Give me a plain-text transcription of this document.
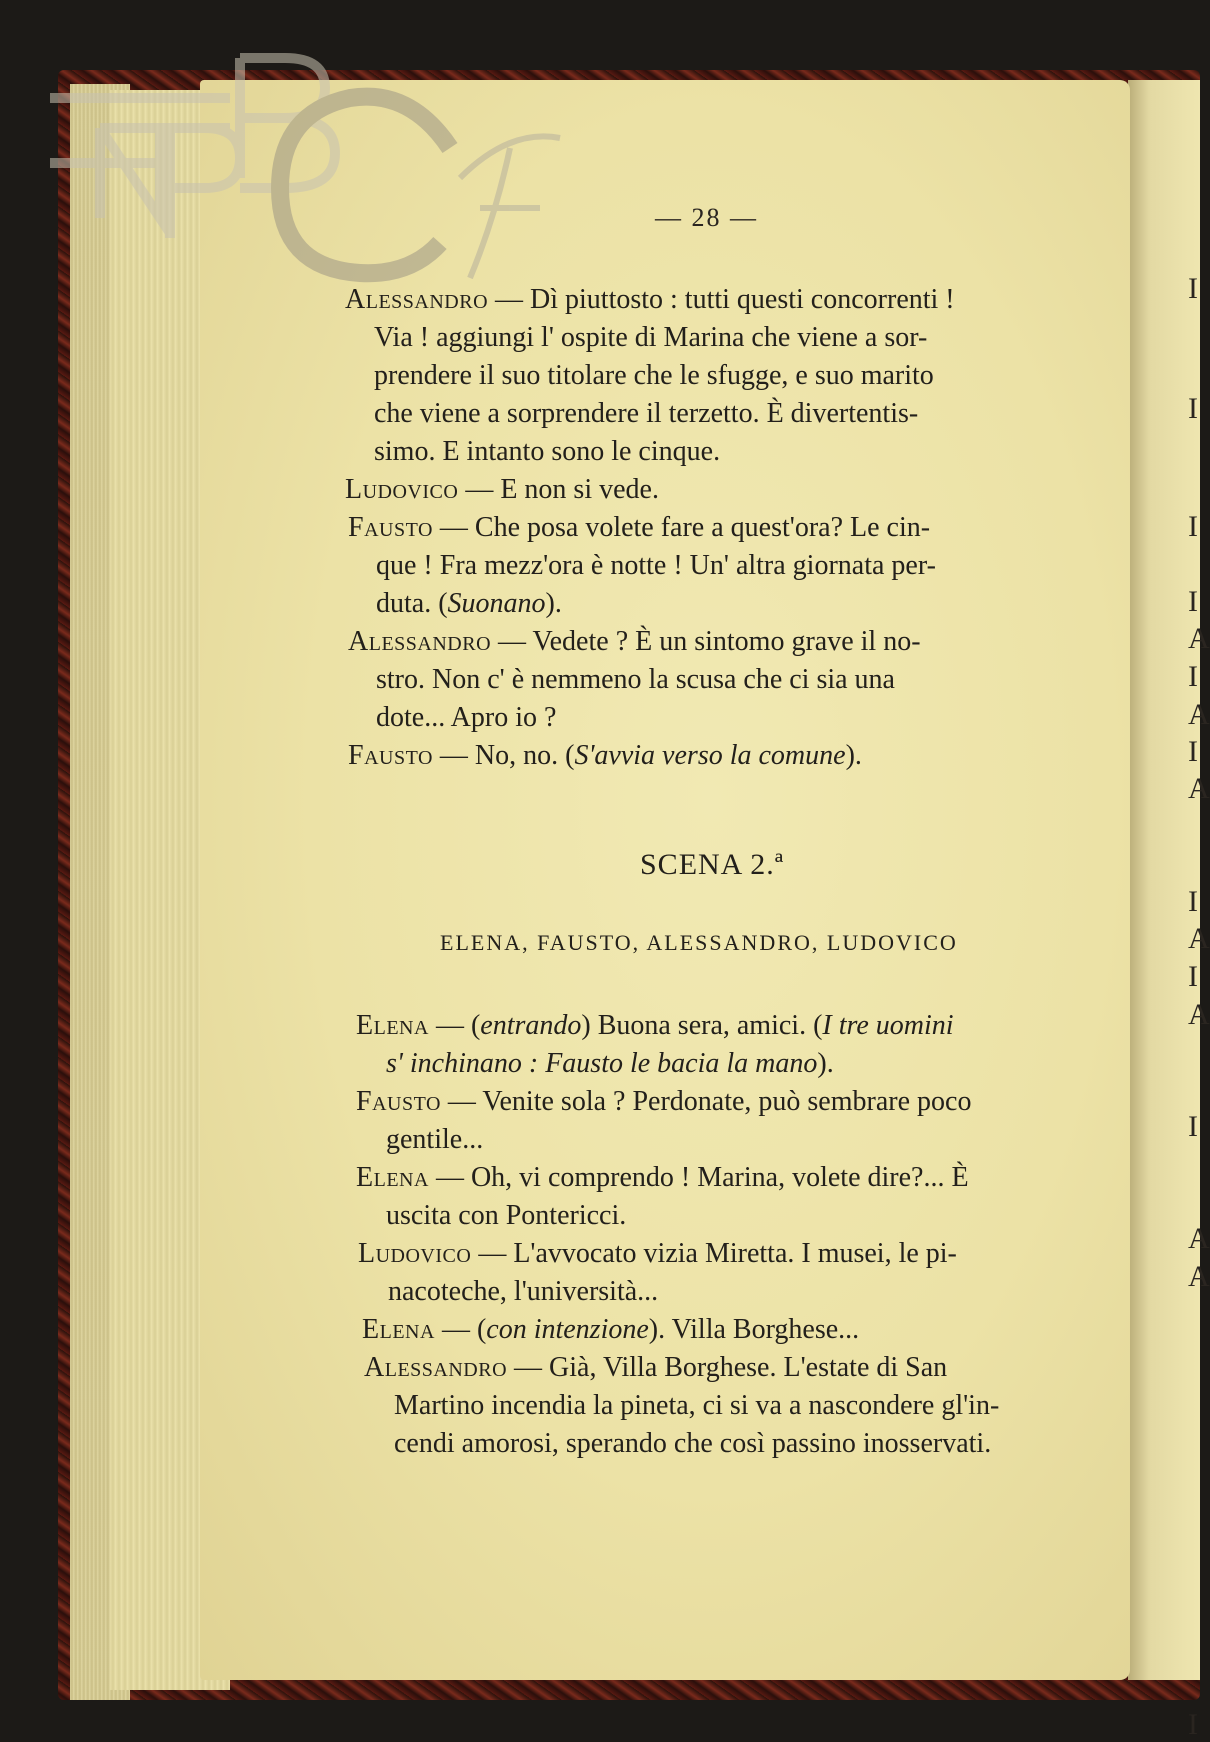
I
I
I
I
A
I
A
I
A
I
A
I
A
I
A
A
I
BNCF
— 28 —
Alessandro — Dì piuttosto : tutti questi concorrenti !
Via ! aggiungi l' ospite di Marina che viene a sor-
prendere il suo titolare che le sfugge, e suo marito
che viene a sorprendere il terzetto. È divertentis-
simo. E intanto sono le cinque.
Ludovico — E non si vede.
Fausto — Che posa volete fare a quest'ora? Le cin-
que ! Fra mezz'ora è notte ! Un' altra giornata per-
duta. (Suonano).
Alessandro — Vedete ? È un sintomo grave il no-
stro. Non c' è nemmeno la scusa che ci sia una
dote... Apro io ?
Fausto — No, no. (S'avvia verso la comune).
SCENA 2.ª
ELENA, FAUSTO, ALESSANDRO, LUDOVICO
Elena — (entrando) Buona sera, amici. (I tre uomini
s' inchinano : Fausto le bacia la mano).
Fausto — Venite sola ? Perdonate, può sembrare poco
gentile...
Elena — Oh, vi comprendo ! Marina, volete dire?... È
uscita con Pontericci.
Ludovico — L'avvocato vizia Miretta. I musei, le pi-
nacoteche, l'università...
Elena — (con intenzione). Villa Borghese...
Alessandro — Già, Villa Borghese. L'estate di San
Martino incendia la pineta, ci si va a nascondere gl'in-
cendi amorosi, sperando che così passino inosservati.
